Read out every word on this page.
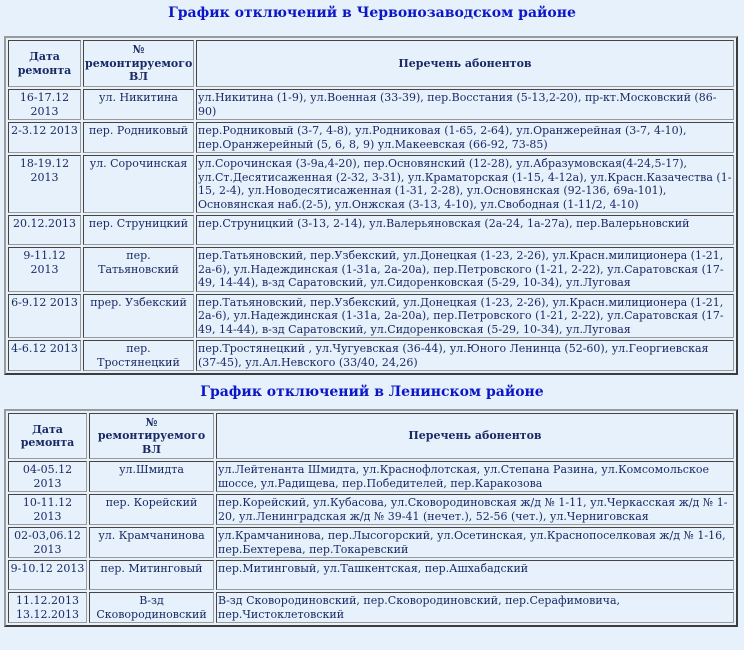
График отключений в Червонозаводском районе
Дата ремонта	№ ремонтируемого ВЛ	Перечень абонентов
16-17.12 2013	ул. Никитина	ул.Никитина (1-9), ул.Военная (33-39), пер.Восстания (5-13,2-20), пр-кт.Московский (86-90)
2-3.12 2013	пер. Родниковый	пер.Родниковый (3-7, 4-8), ул.Родниковая (1-65, 2-64), ул.Оранжерейная (3-7, 4-10), пер.Оранжерейный (5, 6, 8, 9) ул.Макеевская (66-92, 73-85)
18-19.12 2013	ул. Сорочинская	ул.Сорочинская (3-9а,4-20), пер.Основянский (12-28), ул.Абразумовская(4-24,5-17), ул.Ст.Десятисаженная (2-32, 3-31), ул.Краматорская (1-15, 4-12а), ул.Красн.Казачества (1-15, 2-4), ул.Новодесятисаженная (1-31, 2-28), ул.Основянская (92-136, 69а-101), Основянская наб.(2-5), ул.Онжская (3-13, 4-10), ул.Свободная (1-11/2, 4-10)
20.12.2013	пер. Струницкий	пер.Струницкий (3-13, 2-14), ул.Валерьяновская (2а-24, 1а-27а), пер.Валерьновский
9-11.12 2013	пер. Татьяновский	пер.Татьяновский, пер.Узбекский, ул.Донецкая (1-23, 2-26), ул.Красн.милиционера (1-21, 2а-6), ул.Надеждинская (1-31а, 2а-20а), пер.Петровского (1-21, 2-22), ул.Саратовская (17-49, 14-44), в-зд Саратовский, ул.Сидоренковская (5-29, 10-34), ул.Луговая
6-9.12 2013	прер. Узбекский	пер.Татьяновский, пер.Узбекский, ул.Донецкая (1-23, 2-26), ул.Красн.милиционера (1-21, 2а-6), ул.Надеждинская (1-31а, 2а-20а), пер.Петровского (1-21, 2-22), ул.Саратовская (17-49, 14-44), в-зд Саратовский, ул.Сидоренковская (5-29, 10-34), ул.Луговая
4-6.12 2013	пер. Тростянецкий	пер.Тростянецкий , ул.Чугуевская (36-44), ул.Юного Ленинца (52-60), ул.Георгиевская (37-45), ул.Ал.Невского (33/40, 24,26)
График отключений в Ленинском районе
Дата ремонта	№ ремонтируемого ВЛ	Перечень абонентов
04-05.12 2013	ул.Шмидта	ул.Лейтенанта Шмидта, ул.Краснофлотская, ул.Степана Разина, ул.Комсомольское шоссе, ул.Радищева, пер.Победителей, пер.Каракозова
10-11.12 2013	пер. Корейский	пер.Корейский, ул.Кубасова, ул.Сковородиновская ж/д № 1-11, ул.Черкасская ж/д № 1-20, ул.Ленинградская ж/д № 39-41 (нечет.), 52-56 (чет.), ул.Черниговская
02-03,06.12 2013	ул. Крамчанинова	ул.Крамчанинова, пер.Лысогорский, ул.Осетинская, ул.Краснопоселковая ж/д № 1-16, пер.Бехтерева, пер.Токаревский
9-10.12 2013	пер. Митинговый	пер.Митинговый, ул.Ташкентская, пер.Ашхабадский
11.12.2013 13.12.2013	В-зд Сковородиновский	В-зд Сковородиновский, пер.Сковородиновский, пер.Серафимовича, пер.Чистоклетовский
